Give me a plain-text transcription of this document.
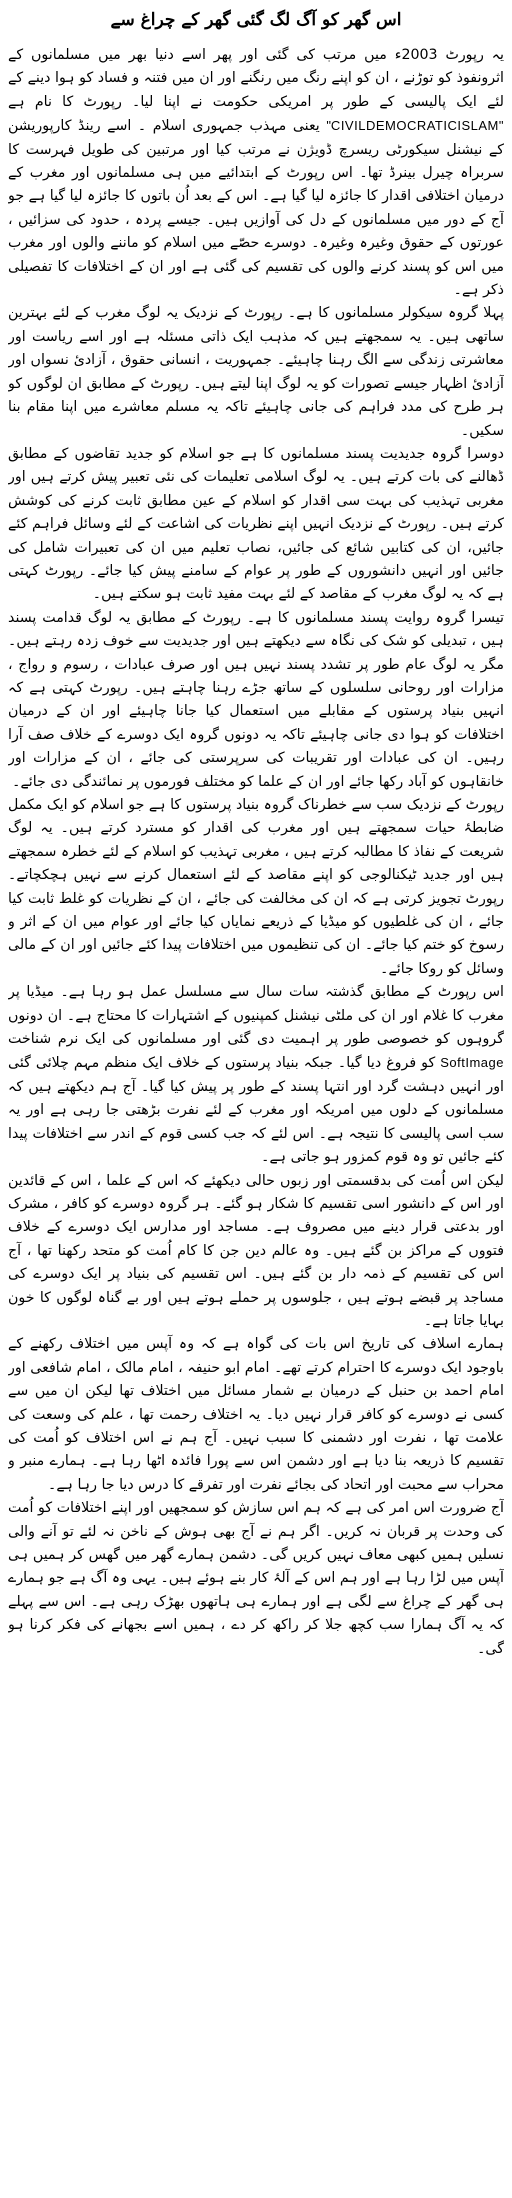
اس گھر کو آگ لگ گئی گھر کے چراغ سے

یہ رپورٹ 2003ء میں مرتب کی گئی اور پھر اسے دنیا بھر میں مسلمانوں کے اثرونفوذ کو توڑنے ، ان کو اپنے رنگ میں رنگنے اور ان میں فتنہ و فساد کو ہوا دینے کے لئے ایک پالیسی کے طور پر امریکی حکومت نے اپنا لیا۔ رپورٹ کا نام ہے "CIVILDEMOCRATICISLAM" یعنی مہذب جمہوری اسلام ۔ اسے رینڈ کارپوریشن کے نیشنل سیکورٹی ریسرچ ڈویژن نے مرتب کیا اور مرتبین کی طویل فہرست کا سربراہ چیرل بینرڈ تھا۔ اس رپورٹ کے ابتدائیے میں ہی مسلمانوں اور مغرب کے درمیان اختلافی اقدار کا جائزہ لیا گیا ہے۔ اس کے بعد اُن باتوں کا جائزہ لیا گیا ہے جو آج کے دور میں مسلمانوں کے دل کی آوازیں ہیں۔ جیسے پردہ ، حدود کی سزائیں ، عورتوں کے حقوق وغیرہ وغیرہ۔ دوسرے حصّے میں اسلام کو ماننے والوں اور مغرب میں اس کو پسند کرنے والوں کی تقسیم کی گئی ہے اور ان کے اختلافات کا تفصیلی ذکر ہے۔

پہلا گروہ سیکولر مسلمانوں کا ہے۔ رپورٹ کے نزدیک یہ لوگ مغرب کے لئے بہترین ساتھی ہیں۔ یہ سمجھتے ہیں کہ مذہب ایک ذاتی مسئلہ ہے اور اسے ریاست اور معاشرتی زندگی سے الگ رہنا چاہیئے۔ جمہوریت ، انسانی حقوق ، آزادیٔ نسواں اور آزادیٔ اظہار جیسے تصورات کو یہ لوگ اپنا لیتے ہیں۔ رپورٹ کے مطابق ان لوگوں کو ہر طرح کی مدد فراہم کی جانی چاہیئے تاکہ یہ مسلم معاشرے میں اپنا مقام بنا سکیں۔

دوسرا گروہ جدیدیت پسند مسلمانوں کا ہے جو اسلام کو جدید تقاضوں کے مطابق ڈھالنے کی بات کرتے ہیں۔ یہ لوگ اسلامی تعلیمات کی نئی تعبیر پیش کرتے ہیں اور مغربی تہذیب کی بہت سی اقدار کو اسلام کے عین مطابق ثابت کرنے کی کوشش کرتے ہیں۔ رپورٹ کے نزدیک انہیں اپنے نظریات کی اشاعت کے لئے وسائل فراہم کئے جائیں، ان کی کتابیں شائع کی جائیں، نصاب تعلیم میں ان کی تعبیرات شامل کی جائیں اور انہیں دانشوروں کے طور پر عوام کے سامنے پیش کیا جائے۔ رپورٹ کہتی ہے کہ یہ لوگ مغرب کے مقاصد کے لئے بہت مفید ثابت ہو سکتے ہیں۔

تیسرا گروہ روایت پسند مسلمانوں کا ہے۔ رپورٹ کے مطابق یہ لوگ قدامت پسند ہیں ، تبدیلی کو شک کی نگاہ سے دیکھتے ہیں اور جدیدیت سے خوف زدہ رہتے ہیں۔ مگر یہ لوگ عام طور پر تشدد پسند نہیں ہیں اور صرف عبادات ، رسوم و رواج ، مزارات اور روحانی سلسلوں کے ساتھ جڑے رہنا چاہتے ہیں۔ رپورٹ کہتی ہے کہ انہیں بنیاد پرستوں کے مقابلے میں استعمال کیا جانا چاہیئے اور ان کے درمیان اختلافات کو ہوا دی جانی چاہیئے تاکہ یہ دونوں گروہ ایک دوسرے کے خلاف صف آرا رہیں۔ ان کی عبادات اور تقریبات کی سرپرستی کی جائے ، ان کے مزارات اور خانقاہوں کو آباد رکھا جائے اور ان کے علما کو مختلف فورموں پر نمائندگی دی جائے۔

رپورٹ کے نزدیک سب سے خطرناک گروہ بنیاد پرستوں کا ہے جو اسلام کو ایک مکمل ضابطۂ حیات سمجھتے ہیں اور مغرب کی اقدار کو مسترد کرتے ہیں۔ یہ لوگ شریعت کے نفاذ کا مطالبہ کرتے ہیں ، مغربی تہذیب کو اسلام کے لئے خطرہ سمجھتے ہیں اور جدید ٹیکنالوجی کو اپنے مقاصد کے لئے استعمال کرنے سے نہیں ہچکچاتے۔ رپورٹ تجویز کرتی ہے کہ ان کی مخالفت کی جائے ، ان کے نظریات کو غلط ثابت کیا جائے ، ان کی غلطیوں کو میڈیا کے ذریعے نمایاں کیا جائے اور عوام میں ان کے اثر و رسوخ کو ختم کیا جائے۔ ان کی تنظیموں میں اختلافات پیدا کئے جائیں اور ان کے مالی وسائل کو روکا جائے۔

اس رپورٹ کے مطابق گذشتہ سات سال سے مسلسل عمل ہو رہا ہے۔ میڈیا پر مغرب کا غلام اور ان کی ملٹی نیشنل کمپنیوں کے اشتہارات کا محتاج ہے۔ ان دونوں گروہوں کو خصوصی طور پر اہمیت دی گئی اور مسلمانوں کی ایک نرم شناخت SoftImage کو فروغ دیا گیا۔ جبکہ بنیاد پرستوں کے خلاف ایک منظم مہم چلائی گئی اور انہیں دہشت گرد اور انتہا پسند کے طور پر پیش کیا گیا۔ آج ہم دیکھتے ہیں کہ مسلمانوں کے دلوں میں امریکہ اور مغرب کے لئے نفرت بڑھتی جا رہی ہے اور یہ سب اسی پالیسی کا نتیجہ ہے۔ اس لئے کہ جب کسی قوم کے اندر سے اختلافات پیدا کئے جائیں تو وہ قوم کمزور ہو جاتی ہے۔

لیکن اس اُمت کی بدقسمتی اور زبوں حالی دیکھئے کہ اس کے علما ، اس کے قائدین اور اس کے دانشور اسی تقسیم کا شکار ہو گئے۔ ہر گروہ دوسرے کو کافر ، مشرک اور بدعتی قرار دینے میں مصروف ہے۔ مساجد اور مدارس ایک دوسرے کے خلاف فتووں کے مراکز بن گئے ہیں۔ وہ عالم دین جن کا کام اُمت کو متحد رکھنا تھا ، آج اس کی تقسیم کے ذمہ دار بن گئے ہیں۔ اس تقسیم کی بنیاد پر ایک دوسرے کی مساجد پر قبضے ہوتے ہیں ، جلوسوں پر حملے ہوتے ہیں اور بے گناہ لوگوں کا خون بہایا جاتا ہے۔

ہمارے اسلاف کی تاریخ اس بات کی گواہ ہے کہ وہ آپس میں اختلاف رکھنے کے باوجود ایک دوسرے کا احترام کرتے تھے۔ امام ابو حنیفہ ، امام مالک ، امام شافعی اور امام احمد بن حنبل کے درمیان بے شمار مسائل میں اختلاف تھا لیکن ان میں سے کسی نے دوسرے کو کافر قرار نہیں دیا۔ یہ اختلاف رحمت تھا ، علم کی وسعت کی علامت تھا ، نفرت اور دشمنی کا سبب نہیں۔ آج ہم نے اس اختلاف کو اُمت کی تقسیم کا ذریعہ بنا دیا ہے اور دشمن اس سے پورا فائدہ اٹھا رہا ہے۔ ہمارے منبر و محراب سے محبت اور اتحاد کی بجائے نفرت اور تفرقے کا درس دیا جا رہا ہے۔

آج ضرورت اس امر کی ہے کہ ہم اس سازش کو سمجھیں اور اپنے اختلافات کو اُمت کی وحدت پر قربان نہ کریں۔ اگر ہم نے آج بھی ہوش کے ناخن نہ لئے تو آنے والی نسلیں ہمیں کبھی معاف نہیں کریں گی۔ دشمن ہمارے گھر میں گھس کر ہمیں ہی آپس میں لڑا رہا ہے اور ہم اس کے آلۂ کار بنے ہوئے ہیں۔ یہی وہ آگ ہے جو ہمارے ہی گھر کے چراغ سے لگی ہے اور ہمارے ہی ہاتھوں بھڑک رہی ہے۔ اس سے پہلے کہ یہ آگ ہمارا سب کچھ جلا کر راکھ کر دے ، ہمیں اسے بجھانے کی فکر کرنا ہو گی۔
